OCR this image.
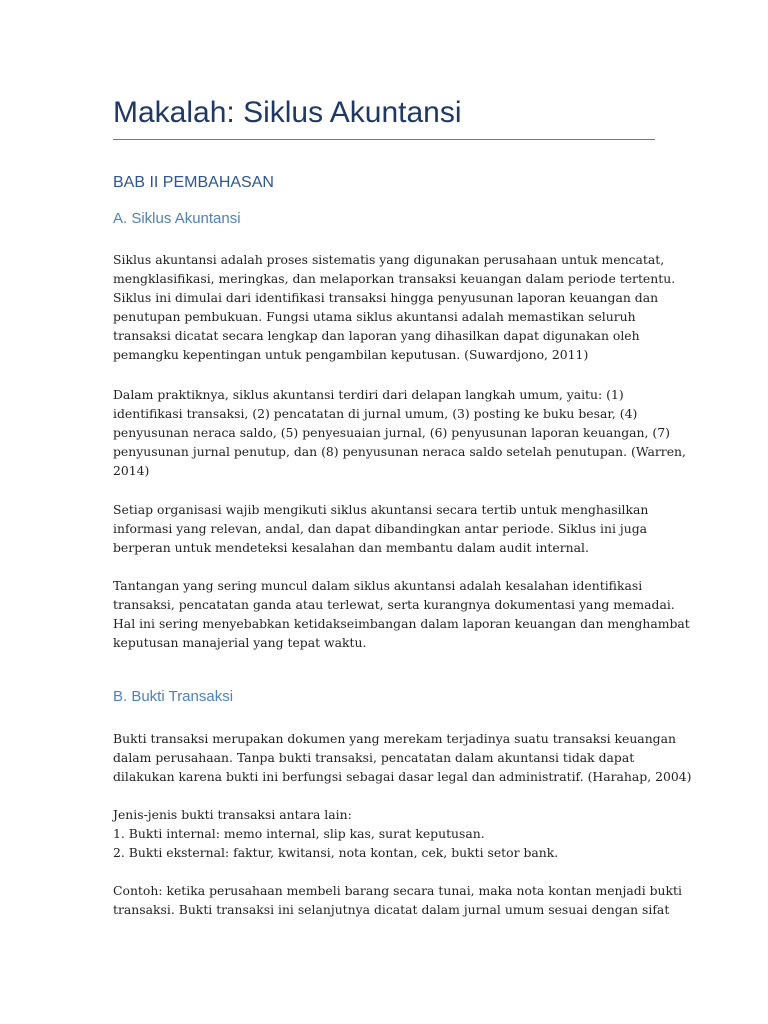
Makalah: Siklus Akuntansi
BAB II PEMBAHASAN
A. Siklus Akuntansi
Siklus akuntansi adalah proses sistematis yang digunakan perusahaan untuk mencatat,
mengklasifikasi, meringkas, dan melaporkan transaksi keuangan dalam periode tertentu.
Siklus ini dimulai dari identifikasi transaksi hingga penyusunan laporan keuangan dan
penutupan pembukuan. Fungsi utama siklus akuntansi adalah memastikan seluruh
transaksi dicatat secara lengkap dan laporan yang dihasilkan dapat digunakan oleh
pemangku kepentingan untuk pengambilan keputusan. (Suwardjono, 2011)
Dalam praktiknya, siklus akuntansi terdiri dari delapan langkah umum, yaitu: (1)
identifikasi transaksi, (2) pencatatan di jurnal umum, (3) posting ke buku besar, (4)
penyusunan neraca saldo, (5) penyesuaian jurnal, (6) penyusunan laporan keuangan, (7)
penyusunan jurnal penutup, dan (8) penyusunan neraca saldo setelah penutupan. (Warren,
2014)
Setiap organisasi wajib mengikuti siklus akuntansi secara tertib untuk menghasilkan
informasi yang relevan, andal, dan dapat dibandingkan antar periode. Siklus ini juga
berperan untuk mendeteksi kesalahan dan membantu dalam audit internal.
Tantangan yang sering muncul dalam siklus akuntansi adalah kesalahan identifikasi
transaksi, pencatatan ganda atau terlewat, serta kurangnya dokumentasi yang memadai.
Hal ini sering menyebabkan ketidakseimbangan dalam laporan keuangan dan menghambat
keputusan manajerial yang tepat waktu.
B. Bukti Transaksi
Bukti transaksi merupakan dokumen yang merekam terjadinya suatu transaksi keuangan
dalam perusahaan. Tanpa bukti transaksi, pencatatan dalam akuntansi tidak dapat
dilakukan karena bukti ini berfungsi sebagai dasar legal dan administratif. (Harahap, 2004)
Jenis-jenis bukti transaksi antara lain:
1. Bukti internal: memo internal, slip kas, surat keputusan.
2. Bukti eksternal: faktur, kwitansi, nota kontan, cek, bukti setor bank.
Contoh: ketika perusahaan membeli barang secara tunai, maka nota kontan menjadi bukti
transaksi. Bukti transaksi ini selanjutnya dicatat dalam jurnal umum sesuai dengan sifat
